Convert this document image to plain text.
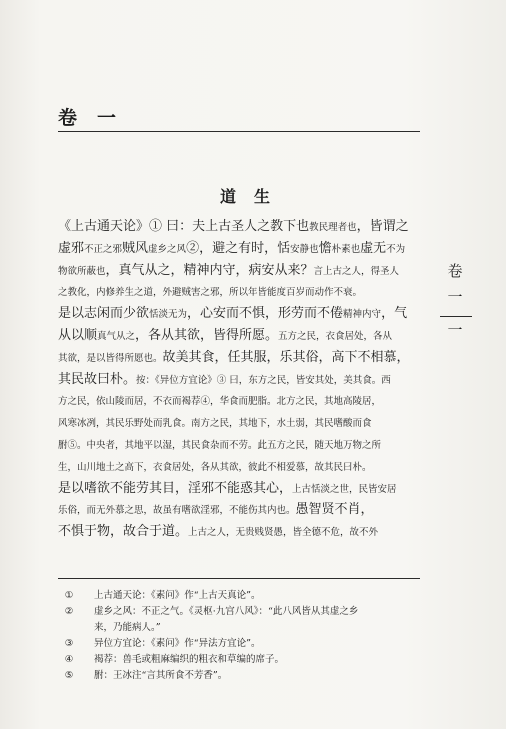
卷 一
道生
《上古通天论》① 曰：夫上古圣人之教下也教民理者也，皆谓之
虚邪不正之邪贼风虚乡之风②，避之有时，恬安静也憺朴素也虚无不为
物欲所蔽也，真气从之，精神内守，病安从来？言上古之人，得圣人
之教化，内修养生之道，外避贼害之邪，所以年皆能度百岁而动作不衰。
是以志闲而少欲恬淡无为，心安而不惧，形劳而不倦精神内守，气
从以顺真气从之，各从其欲，皆得所愿。五方之民，衣食居处，各从
其欲，是以皆得所愿也。故美其食，任其服，乐其俗，高下不相慕，
其民故曰朴。按：《异位方宜论》③ 曰，东方之民，皆安其处，美其食。西
方之民，依山陵而居，不衣而褐荐④，华食而肥脂。北方之民，其地高陵居，
风寒冰冽，其民乐野处而乳食。南方之民，其地下，水土弱，其民嗜酸而食
胕⑤。中央者，其地平以湿，其民食杂而不劳。此五方之民，随天地万物之所
生，山川地土之高下，衣食居处，各从其欲，彼此不相爱慕，故其民曰朴。
是以嗜欲不能劳其目，淫邪不能惑其心，上古恬淡之世，民皆安居
乐俗，而无外慕之思，故虽有嗜欲淫邪，不能伤其内也。愚智贤不肖，
不惧于物，故合于道。上古之人，无贵贱贤愚，皆全德不危，故不外
① 上古通天论：《素问》作“上古天真论”。
② 虚乡之风：不正之气。《灵枢·九宫八风》：“此八风皆从其虚之乡
来，乃能病人。”
③ 异位方宜论：《素问》作“异法方宜论”。
④ 褐荐：兽毛或粗麻编织的粗衣和草编的席子。
⑤ 胕：王冰注“言其所食不芳香”。
卷
一
一
